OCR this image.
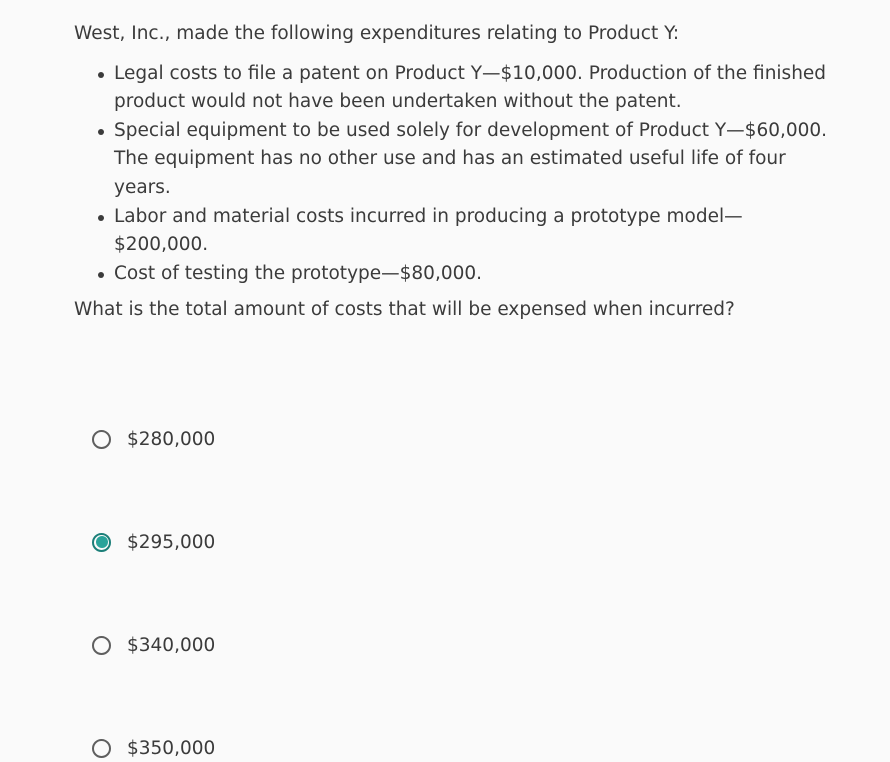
West, Inc., made the following expenditures relating to Product Y:

Legal costs to file a patent on Product Y—$10,000. Production of the finished product would not have been undertaken without the patent.
Special equipment to be used solely for development of Product Y—$60,000. The equipment has no other use and has an estimated useful life of four years.
Labor and material costs incurred in producing a prototype model—$200,000.
Cost of testing the prototype—$80,000.

What is the total amount of costs that will be expensed when incurred?

$280,000
$295,000
$340,000
$350,000
